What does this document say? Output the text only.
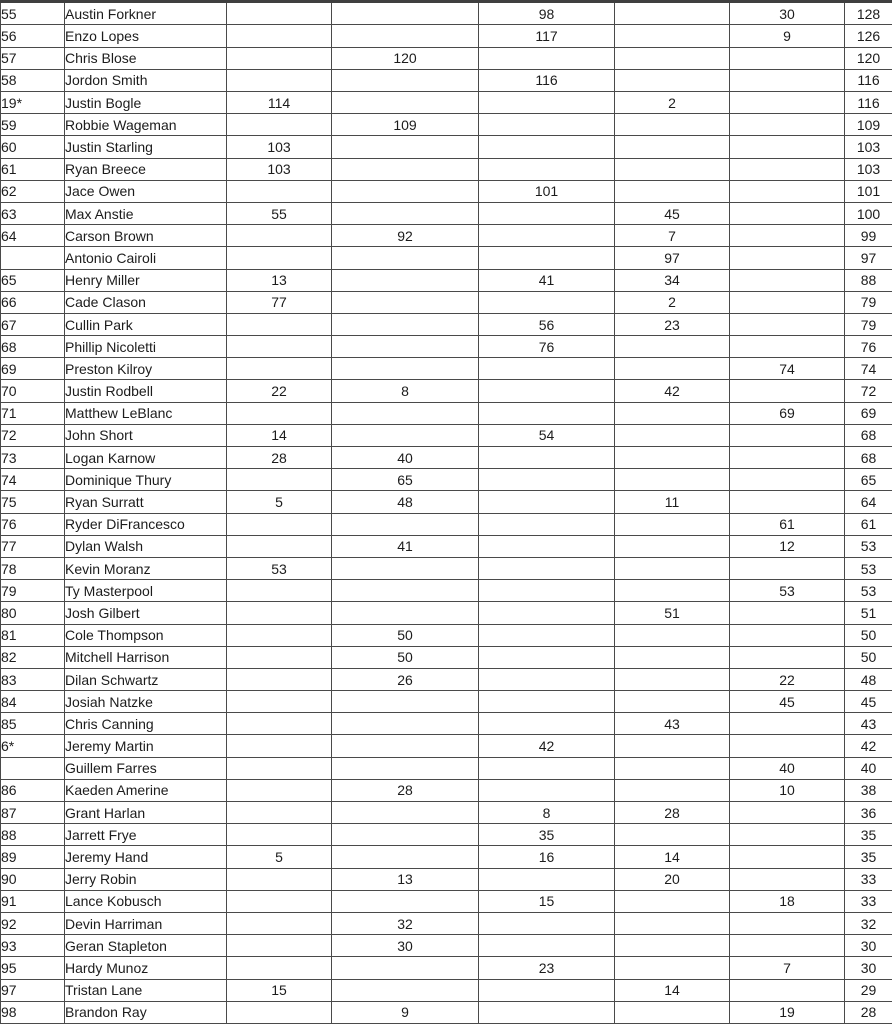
55	Austin Forkner			98		30	128
56	Enzo Lopes			117		9	126
57	Chris Blose		120				120
58	Jordon Smith			116			116
19*	Justin Bogle	114			2		116
59	Robbie Wageman		109				109
60	Justin Starling	103					103
61	Ryan Breece	103					103
62	Jace Owen			101			101
63	Max Anstie	55			45		100
64	Carson Brown		92		7		99
	Antonio Cairoli				97		97
65	Henry Miller	13		41	34		88
66	Cade Clason	77			2		79
67	Cullin Park			56	23		79
68	Phillip Nicoletti			76			76
69	Preston Kilroy					74	74
70	Justin Rodbell	22	8		42		72
71	Matthew LeBlanc					69	69
72	John Short	14		54			68
73	Logan Karnow	28	40				68
74	Dominique Thury		65				65
75	Ryan Surratt	5	48		11		64
76	Ryder DiFrancesco					61	61
77	Dylan Walsh		41			12	53
78	Kevin Moranz	53					53
79	Ty Masterpool					53	53
80	Josh Gilbert				51		51
81	Cole Thompson		50				50
82	Mitchell Harrison		50				50
83	Dilan Schwartz		26			22	48
84	Josiah Natzke					45	45
85	Chris Canning				43		43
6*	Jeremy Martin			42			42
	Guillem Farres					40	40
86	Kaeden Amerine		28			10	38
87	Grant Harlan			8	28		36
88	Jarrett Frye			35			35
89	Jeremy Hand	5		16	14		35
90	Jerry Robin		13		20		33
91	Lance Kobusch			15		18	33
92	Devin Harriman		32				32
93	Geran Stapleton		30				30
95	Hardy Munoz			23		7	30
97	Tristan Lane	15			14		29
98	Brandon Ray		9			19	28
